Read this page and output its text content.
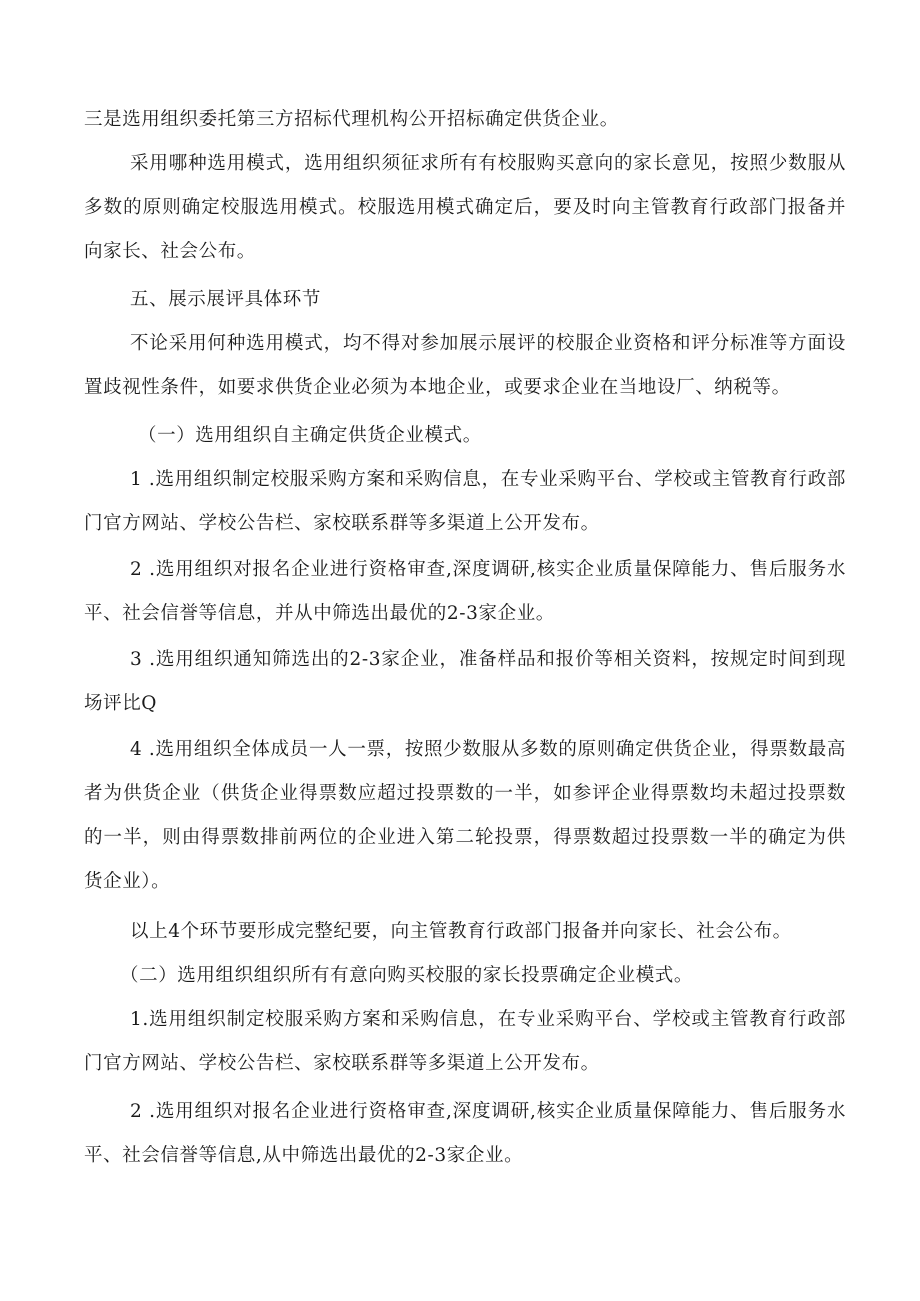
三是选用组织委托第三方招标代理机构公开招标确定供货企业。

采用哪种选用模式，选用组织须征求所有有校服购买意向的家长意见，按照少数服从多数的原则确定校服选用模式。校服选用模式确定后，要及时向主管教育行政部门报备并向家长、社会公布。

五、展示展评具体环节

不论采用何种选用模式，均不得对参加展示展评的校服企业资格和评分标准等方面设置歧视性条件，如要求供货企业必须为本地企业，或要求企业在当地设厂、纳税等。

（一）选用组织自主确定供货企业模式。

1 .选用组织制定校服采购方案和采购信息，在专业采购平台、学校或主管教育行政部门官方网站、学校公告栏、家校联系群等多渠道上公开发布。

2 .选用组织对报名企业进行资格审查,深度调研,核实企业质量保障能力、售后服务水平、社会信誉等信息，并从中筛选出最优的2-3家企业。

3 .选用组织通知筛选出的2-3家企业，准备样品和报价等相关资料，按规定时间到现场评比Q

4 .选用组织全体成员一人一票，按照少数服从多数的原则确定供货企业，得票数最高者为供货企业（供货企业得票数应超过投票数的一半，如参评企业得票数均未超过投票数的一半，则由得票数排前两位的企业进入第二轮投票，得票数超过投票数一半的确定为供货企业）。

以上4个环节要形成完整纪要，向主管教育行政部门报备并向家长、社会公布。

（二）选用组织组织所有有意向购买校服的家长投票确定企业模式。

1.选用组织制定校服采购方案和采购信息，在专业采购平台、学校或主管教育行政部门官方网站、学校公告栏、家校联系群等多渠道上公开发布。

2 .选用组织对报名企业进行资格审查,深度调研,核实企业质量保障能力、售后服务水平、社会信誉等信息,从中筛选出最优的2-3家企业。
